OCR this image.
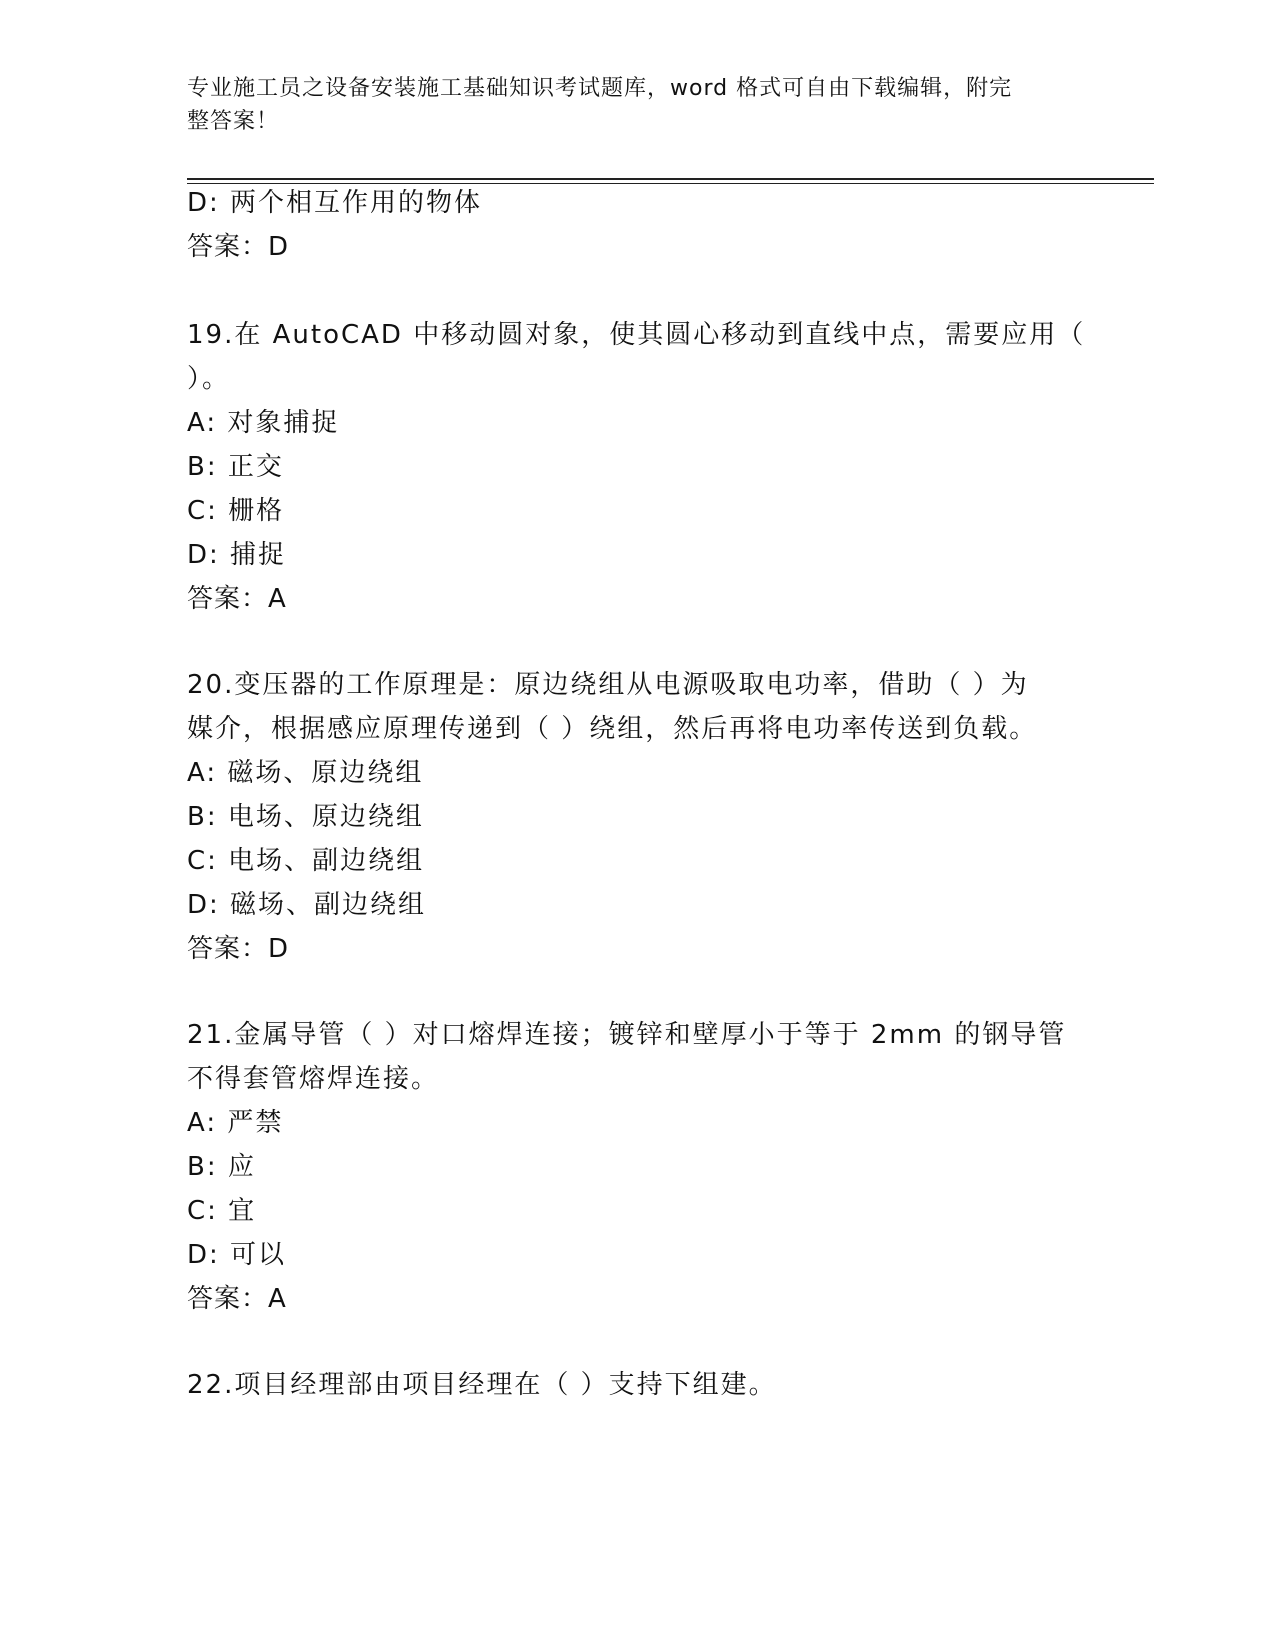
专业施工员之设备安装施工基础知识考试题库，word 格式可自由下载编辑，附完
整答案！
D: 两个相互作用的物体
答案：D
19.在 AutoCAD 中移动圆对象，使其圆心移动到直线中点，需要应用（
）。
A: 对象捕捉
B: 正交
C: 栅格
D: 捕捉
答案：A
20.变压器的工作原理是：原边绕组从电源吸取电功率，借助（ ）为
媒介，根据感应原理传递到（ ）绕组，然后再将电功率传送到负载。
A: 磁场、原边绕组
B: 电场、原边绕组
C: 电场、副边绕组
D: 磁场、副边绕组
答案：D
21.金属导管（ ）对口熔焊连接；镀锌和壁厚小于等于 2mm 的钢导管
不得套管熔焊连接。
A: 严禁
B: 应
C: 宜
D: 可以
答案：A
22.项目经理部由项目经理在（ ）支持下组建。
